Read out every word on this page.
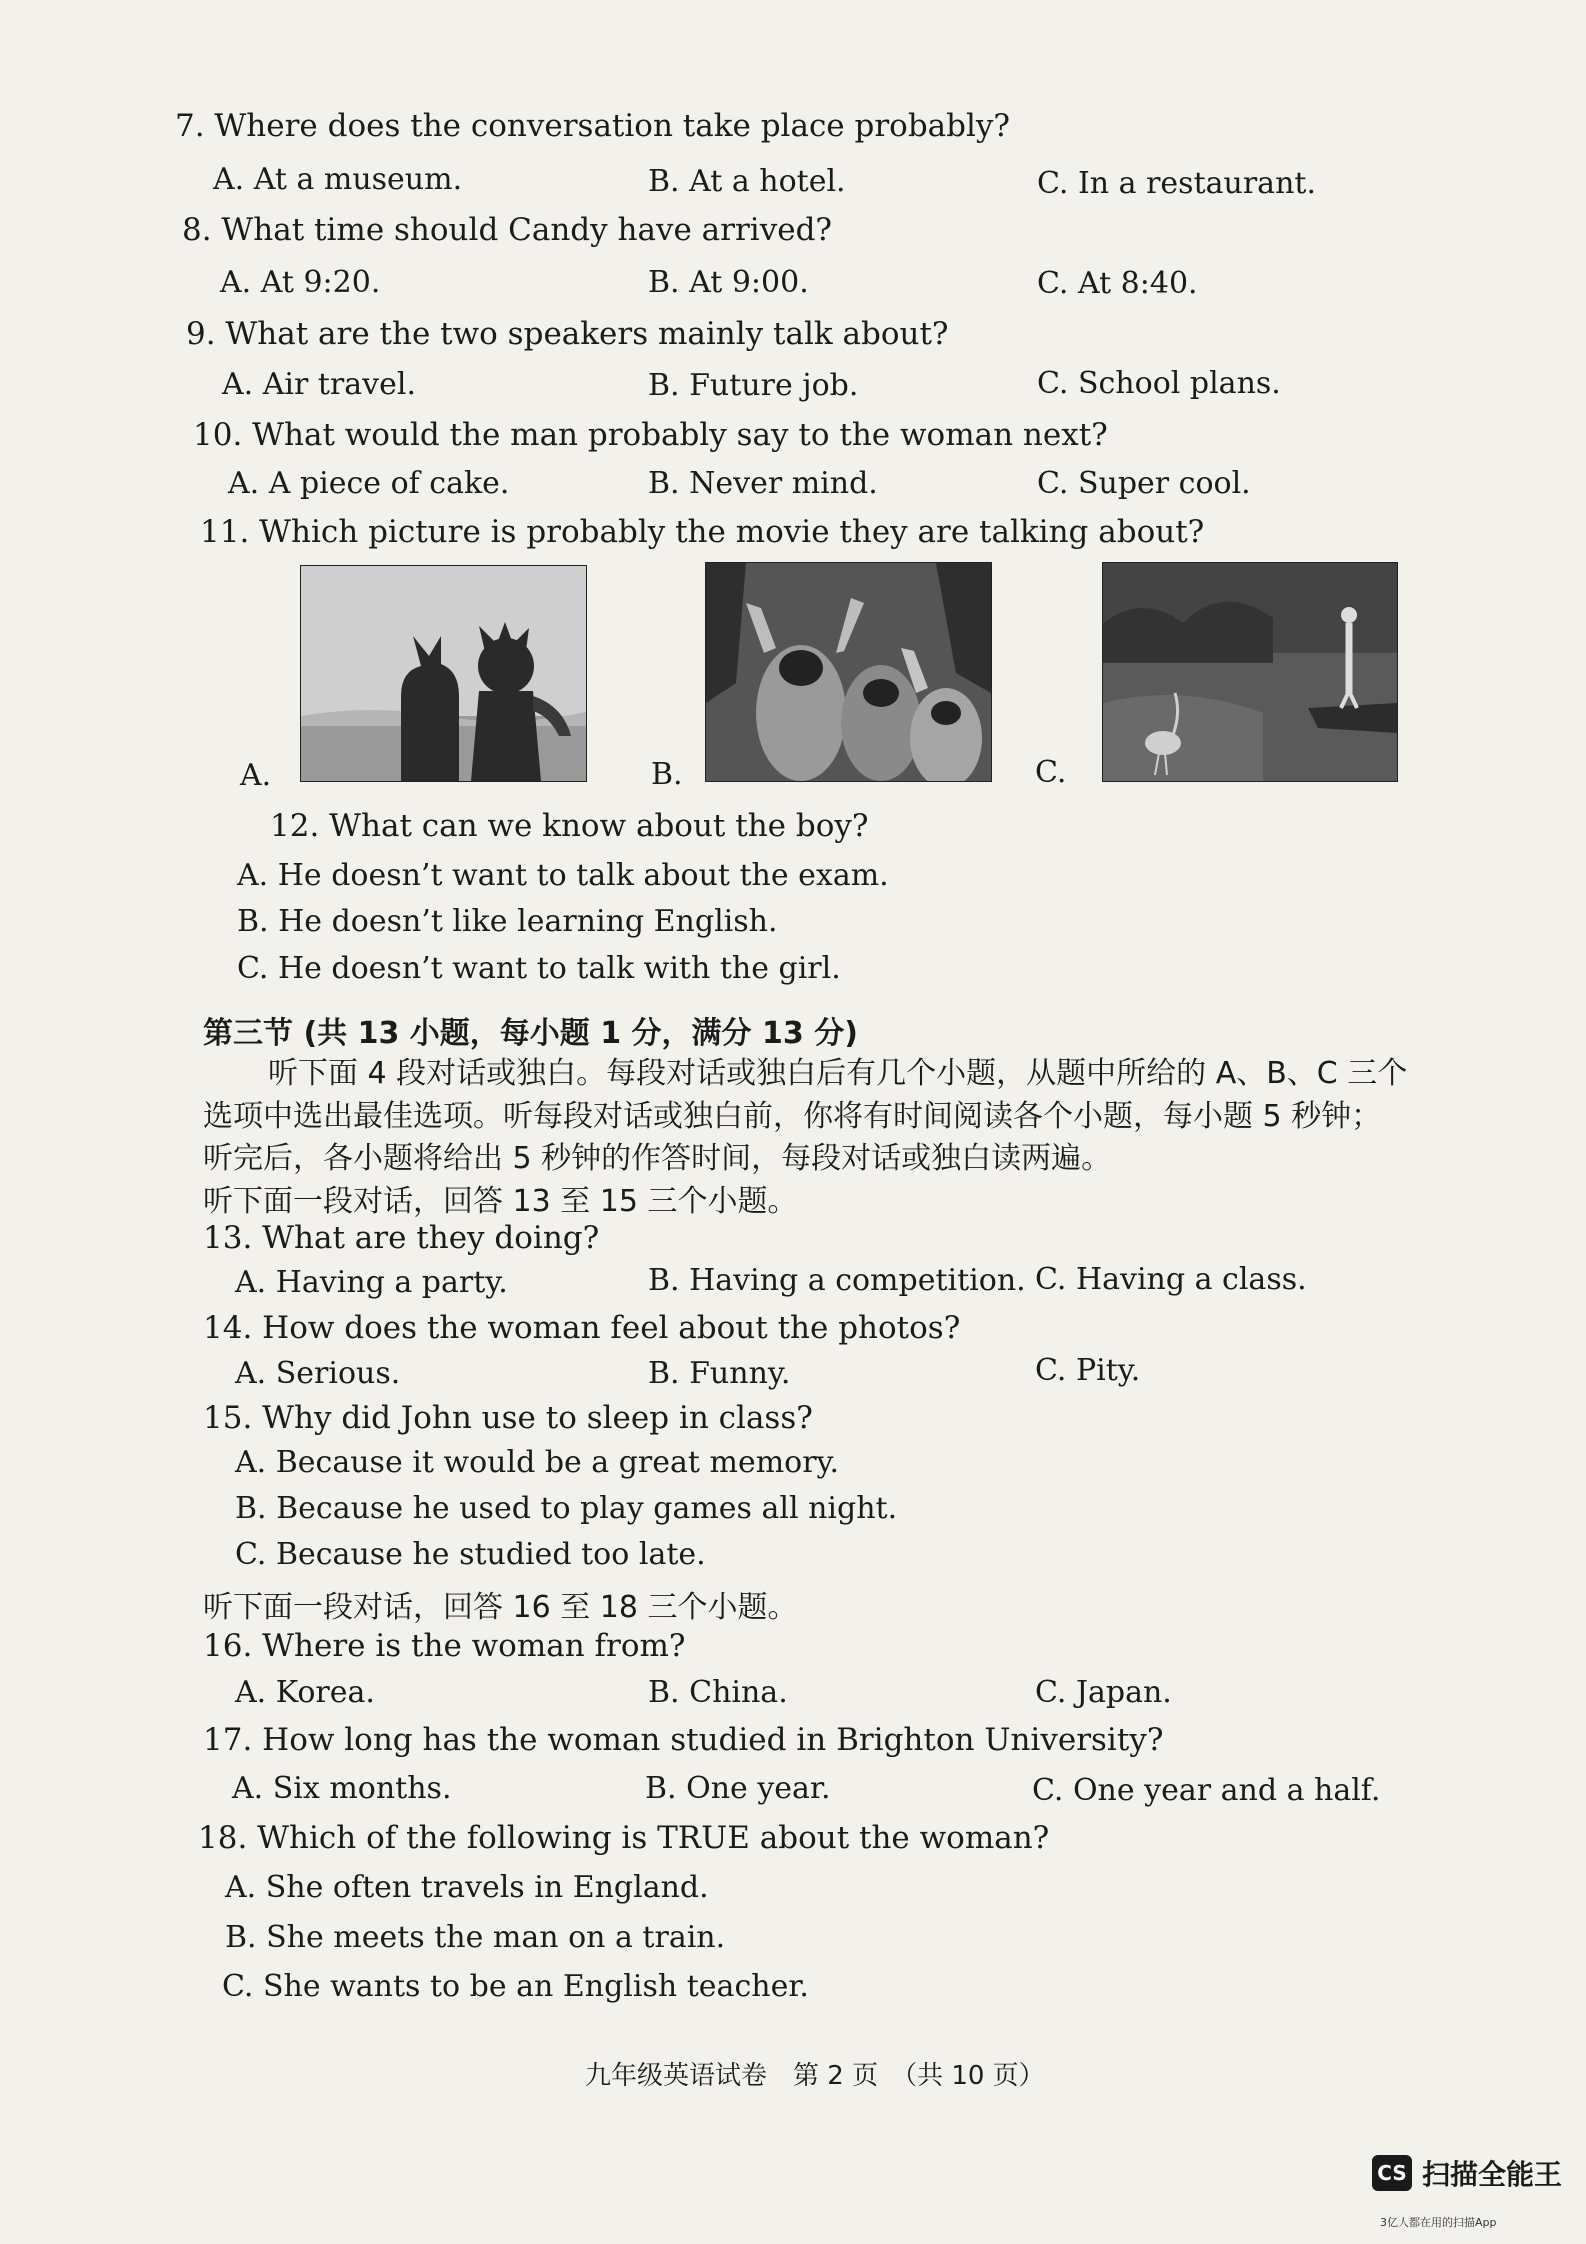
7. Where does the conversation take place probably?
A. At a museum.	B. At a hotel.	C. In a restaurant.
8. What time should Candy have arrived?
A. At 9:20.	B. At 9:00.	C. At 8:40.
9. What are the two speakers mainly talk about?
A. Air travel.	B. Future job.	C. School plans.
10. What would the man probably say to the woman next?
A. A piece of cake.	B. Never mind.	C. Super cool.
11. Which picture is probably the movie they are talking about?
A.	B.	C.
12. What can we know about the boy?
A. He doesn’t want to talk about the exam.
B. He doesn’t like learning English.
C. He doesn’t want to talk with the girl.
第三节 (共 13 小题，每小题 1 分，满分 13 分)
听下面 4 段对话或独白。每段对话或独白后有几个小题，从题中所给的 A、B、C 三个
选项中选出最佳选项。听每段对话或独白前，你将有时间阅读各个小题，每小题 5 秒钟；
听完后，各小题将给出 5 秒钟的作答时间，每段对话或独白读两遍。
听下面一段对话，回答 13 至 15 三个小题。
13. What are they doing?
A. Having a party.	B. Having a competition. C. Having a class.
14. How does the woman feel about the photos?
A. Serious.	B. Funny.	C. Pity.
15. Why did John use to sleep in class?
A. Because it would be a great memory.
B. Because he used to play games all night.
C. Because he studied too late.
听下面一段对话，回答 16 至 18 三个小题。
16. Where is the woman from?
A. Korea.	B. China.	C. Japan.
17. How long has the woman studied in Brighton University?
A. Six months.	B. One year.	C. One year and a half.
18. Which of the following is TRUE about the woman?
A. She often travels in England.
B. She meets the man on a train.
C. She wants to be an English teacher.
九年级英语试卷　第 2 页　（共 10 页）
CS 扫描全能王
3亿人都在用的扫描App
